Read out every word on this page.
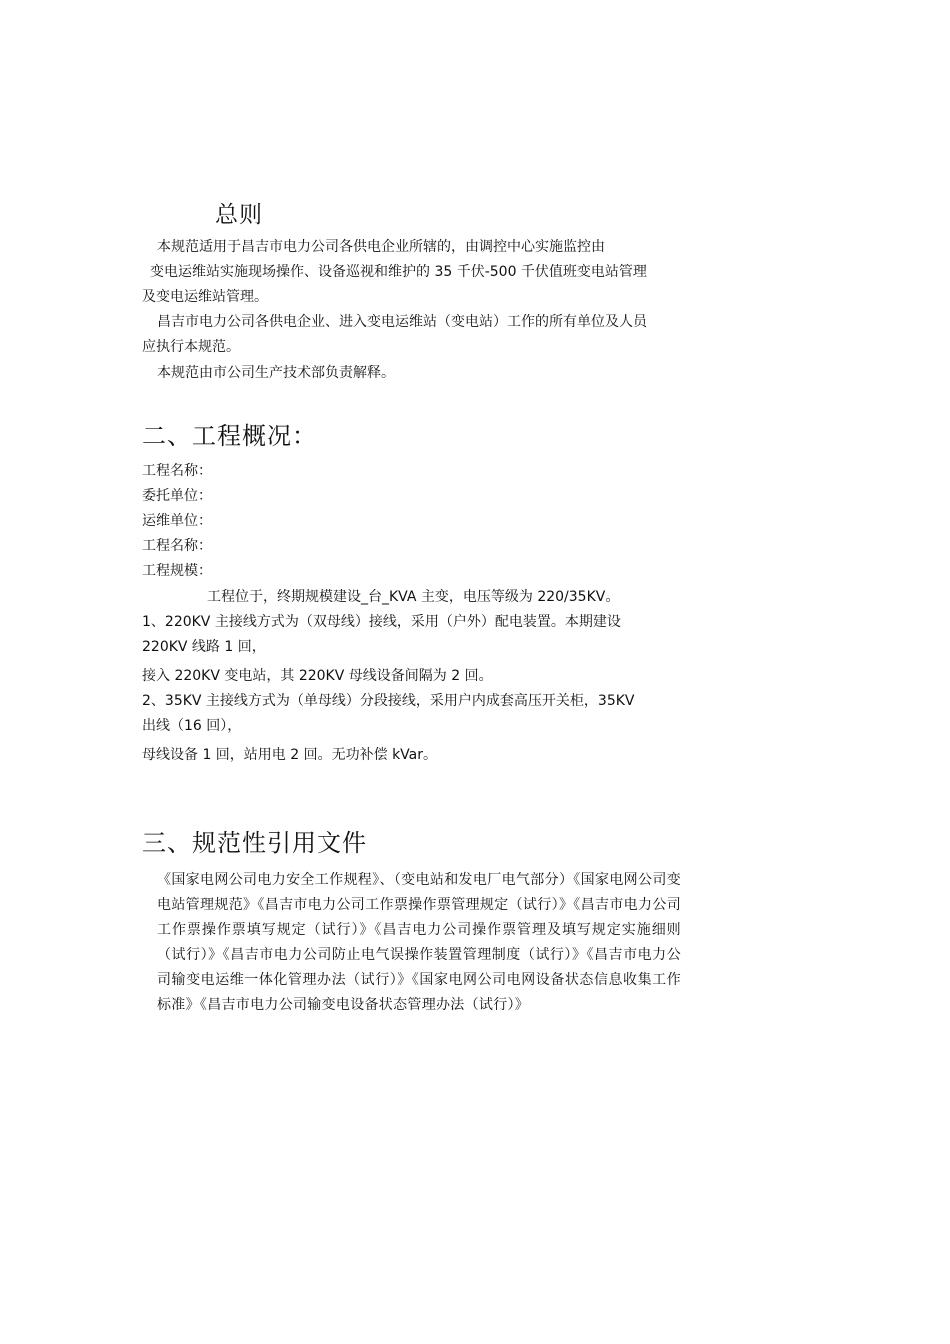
总则
本规范适用于昌吉市电力公司各供电企业所辖的，由调控中心实施监控由
变电运维站实施现场操作、设备巡视和维护的 35 千伏-500 千伏值班变电站管理
及变电运维站管理。
昌吉市电力公司各供电企业、进入变电运维站（变电站）工作的所有单位及人员
应执行本规范。
本规范由市公司生产技术部负责解释。
二、工程概况：
工程名称：
委托单位：
运维单位：
工程名称：
工程规模：
工程位于，终期规模建设_台_KVA 主变，电压等级为 220/35KV。
1、220KV 主接线方式为（双母线）接线，采用（户外）配电装置。本期建设
220KV 线路 1 回，
接入 220KV 变电站，其 220KV 母线设备间隔为 2 回。
2、35KV 主接线方式为（单母线）分段接线，采用户内成套高压开关柜，35KV
出线（16 回），
母线设备 1 回，站用电 2 回。无功补偿 kVar。
三、规范性引用文件
《国家电网公司电力安全工作规程》、（变电站和发电厂电气部分）《国家电网公司变电站管理规范》《昌吉市电力公司工作票操作票管理规定（试行）》《昌吉市电力公司工作票操作票填写规定（试行）》《昌吉电力公司操作票管理及填写规定实施细则（试行）》《昌吉市电力公司防止电气误操作装置管理制度（试行）》《昌吉市电力公司输变电运维一体化管理办法（试行）》《国家电网公司电网设备状态信息收集工作标准》《昌吉市电力公司输变电设备状态管理办法（试行）》
